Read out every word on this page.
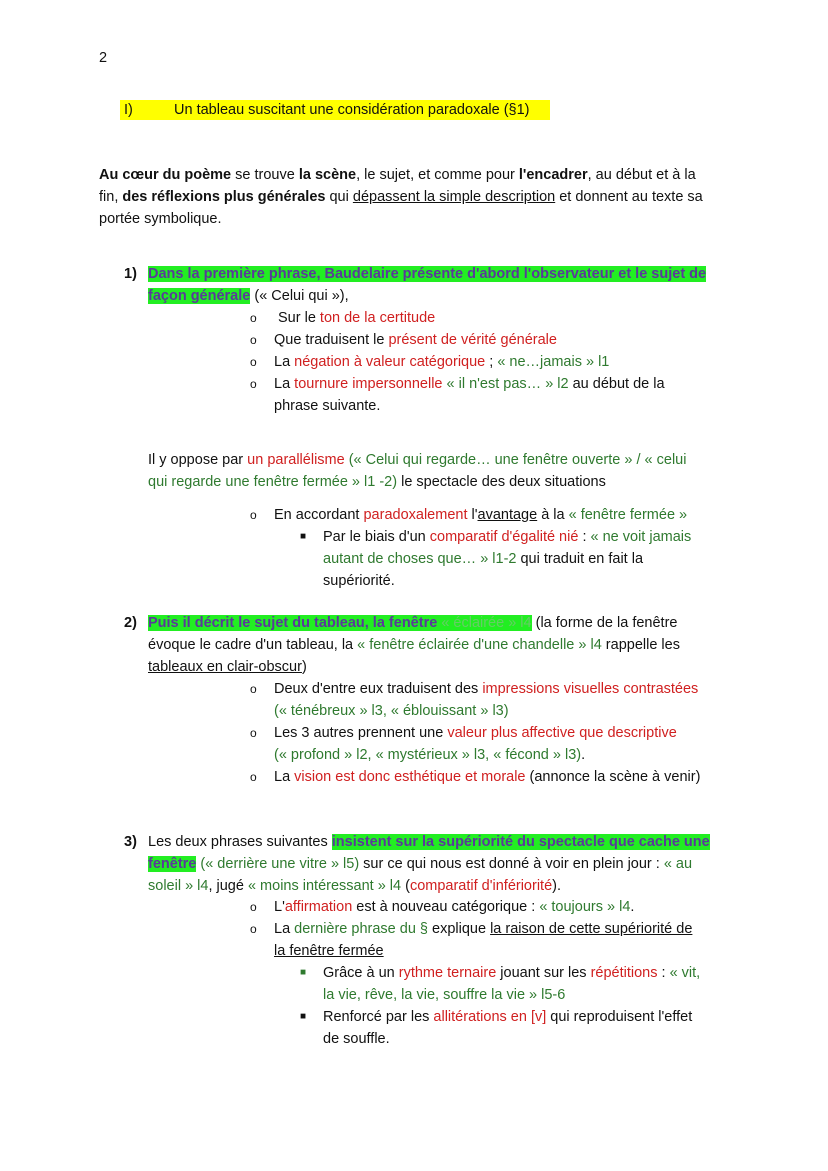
2
I)	Un tableau suscitant une considération paradoxale (§1)
Au cœur du poème se trouve la scène, le sujet, et comme pour l'encadrer, au début et à la
fin, des réflexions plus générales qui dépassent la simple description et donnent au texte sa
portée symbolique.
1) Dans la première phrase, Baudelaire présente d'abord l'observateur et le sujet de
façon générale (« Celui qui »),
o Sur le ton de la certitude
o Que traduisent le présent de vérité générale
o La négation à valeur catégorique ; « ne…jamais » l1
o La tournure impersonnelle « il n'est pas… » l2 au début de la
phrase suivante.
Il y oppose par un parallélisme (« Celui qui regarde… une fenêtre ouverte » / « celui
qui regarde une fenêtre fermée » l1 -2) le spectacle des deux situations
o En accordant paradoxalement l'avantage à la « fenêtre fermée »
■ Par le biais d'un comparatif d'égalité nié : « ne voit jamais
autant de choses que… » l1-2 qui traduit en fait la
supériorité.
2) Puis il décrit le sujet du tableau, la fenêtre « éclairée » l4 (la forme de la fenêtre
évoque le cadre d'un tableau, la « fenêtre éclairée d'une chandelle » l4 rappelle les
tableaux en clair-obscur)
o Deux d'entre eux traduisent des impressions visuelles contrastées
(« ténébreux » l3, « éblouissant » l3)
o Les 3 autres prennent une valeur plus affective que descriptive
(« profond » l2, « mystérieux » l3, « fécond » l3).
o La vision est donc esthétique et morale (annonce la scène à venir)
3) Les deux phrases suivantes insistent sur la supériorité du spectacle que cache une
fenêtre (« derrière une vitre » l5) sur ce qui nous est donné à voir en plein jour : « au
soleil » l4, jugé « moins intéressant » l4 (comparatif d'infériorité).
o L'affirmation est à nouveau catégorique : « toujours » l4.
o La dernière phrase du § explique la raison de cette supériorité de
la fenêtre fermée
■ Grâce à un rythme ternaire jouant sur les répétitions : « vit,
la vie, rêve, la vie, souffre la vie » l5-6
■ Renforcé par les allitérations en [v] qui reproduisent l'effet
de souffle.
